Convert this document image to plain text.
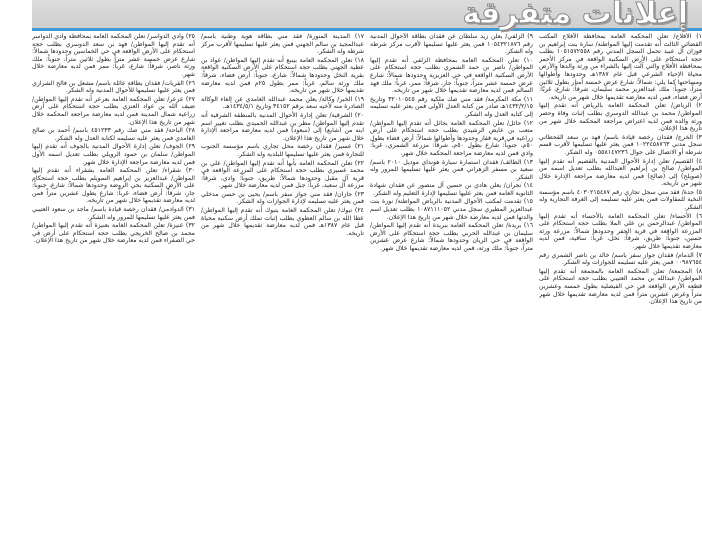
إعلانات متفرقة

١) الأفلاج/ تعلن المحكمة العامة بمحافظة الأفلاج المكتب القضائي الثالث أنه تقدمت إليها المواطنة/ سارة بنت إبراهيم بن فوزان آل عبيد تحمل السجل المدني رقم ١٠٥١٥٧٢٥٥٨ بطلب حجة استحكام على الأرض السكنية الواقعة في مركز الأحمر بمحافظة الأفلاج والتي آلت إليها بالشراء من ورثة والدها والأرض محياة الإحياء الشرعي قبل عام ١٣٨٧هـ وحدودها وأطوالها ومساحتها كما يلي: شمالاً: شارع عرض خمسة أمتار بطول ثلاثين متراً، جنوباً: ملك عبدالعزيز محمد سليمان، شرقاً: شارع، غربًا: أرض فضاء، فمن لديه معارضة تقديمها خلال شهر من تاريخه.

٢) الرياض/ تعلن المحكمة العامة بالرياض أنه تقدم إليها المواطن/ محمد بن عبدالله الدوسري بطلب إثبات وفاة وحصر ورثة والده فمن لديه اعتراض مراجعة المحكمة خلال شهر من تاريخ هذا الإعلان.

٣) الخرج/ فقدان رخصة قيادة باسم/ فهد بن سعد القحطاني سجل مدني ١٠٢٢٤٥٨٧٦٣ فمن يعثر عليها تسليمها لأقرب قسم شرطة أو الاتصال على جوال ٠٥٥٨١٤٧٢٣٦ وله الشكر.

٤) القصيم/ تعلن إدارة الأحوال المدنية بالقصيم أنه تقدم إليها المواطن/ صالح بن إبراهيم العبدالله بطلب تعديل اسمه من (صويلح) إلى (صالح) فمن لديه معارضة مراجعة الإدارة خلال شهر من تاريخه.

٥) جدة/ فقد مني سجل تجاري رقم ٤٠٣٠٢١٥٤٨٧ باسم مؤسسة النخبة للمقاولات فمن يعثر عليه تسليمه إلى الغرفة التجارية وله الشكر.

٦) الأحساء/ تعلن المحكمة العامة بالأحساء أنه تقدم إليها المواطن/ عبدالرحمن بن علي الملا بطلب حجة استحكام على المزرعة الواقعة في قرية الجفر وحدودها شمالاً: مزرعة ورثة حسين، جنوباً: طريق، شرقاً: نخل، غرباً: ساقية، فمن لديه معارضة تقديمها خلال شهر.

٧) الدمام/ فقدان جواز سفر باسم/ خالد بن ناصر الشمري رقم ٠٠٩٨٧٦٥٤ فمن يعثر عليه تسليمه للجوازات وله الشكر.

٨) المجمعة/ تعلن المحكمة العامة بالمجمعة أنه تقدم إليها المواطن/ عبدالله بن محمد العتيبي بطلب حجة استحكام على قطعة الأرض الواقعة في حي الفيصلية بطول خمسة وعشرين متراً وعرض عشرين متراً فمن لديه معارضة تقديمها خلال شهر من تاريخ هذا الإعلان.

٩) الزلفي/ يعلن زيد سلطان عن فقدان بطاقة الأحوال المدنية رقم ١٠٥٤٣٢١٨٧٦ فمن يعثر عليها تسليمها لأقرب مركز شرطة وله الشكر.

١٠) تعلن المحكمة العامة بمحافظة الزلفي أنه تقدم إليها المواطن/ ناصر بن حمد الشمري بطلب حجة استحكام على الأرض السكنية الواقعة في حي العزيزية وحدودها شمالاً: شارع عرض خمسة عشر متراً، جنوباً: جار، شرقاً: ممر، غرباً: ملك فهد السالم فمن لديه معارضة تقديمها خلال شهر من تاريخه.

١١) مكة المكرمة/ فقد مني صك ملكية رقم ٣٢٠١٠٥٤٥ وتاريخ ١٤٣٢/٢/١٥هـ صادر من كتابة العدل الأولى فمن يعثر عليه تسليمه إلى كتابة العدل وله الشكر.

١٢) حائل/ تعلن المحكمة العامة بحائل أنه تقدم إليها المواطن/ متعب بن عايض الرشيدي بطلب حجة استحكام على أرض زراعية في قرية قفار وحدودها وأطوالها شمالاً: أرض فضاء بطول ٥٠م، جنوباً: شارع بطول ٥٠م، شرقاً: مزرعة الشمري، غرباً: وادي فمن لديه معارضة مراجعة المحكمة خلال شهر.

١٣) الطائف/ فقدان استمارة سيارة هونداي موديل ٢٠١٠ باسم/ سعيد بن مسفر الزهراني فمن يعثر عليها تسليمها للمرور وله الشكر.

١٤) نجران/ يعلن هادي بن حسين آل منصور عن فقدان شهادة الثانوية العامة فمن يعثر عليها تسليمها لإدارة التعليم وله الشكر.

١٥) تقدمت لمكتب الأحوال المدنية بالرياض المواطنة/ نورة بنت عبدالعزيز المطيري سجل مدني ١٠٨٧١١١٠٥٢ بطلب تعديل اسم والدتها فمن لديه معارضة خلال شهر من تاريخ هذا الإعلان.

١٦) بريدة/ تعلن المحكمة العامة ببريدة أنه تقدم إليها المواطن/ سليمان بن عبدالله الحربي بطلب حجة استحكام على الأرض الواقعة في حي الريان وحدودها شمالاً: شارع عرض عشرين متراً، جنوباً: ملك ورثة، فمن لديه معارضة تقديمها خلال شهر.

١٧) المدينة المنورة/ فقد مني بطاقة هوية وطنية باسم/ عبدالمجيد بن سالم الجهني فمن يعثر عليها تسليمها لأقرب مركز شرطة وله الشكر.

١٨) تعلن المحكمة العامة بينبع أنه تقدم إليها المواطن/ عواد بن عطية الجهني بطلب حجة استحكام على الأرض السكنية الواقعة بقرية النخل وحدودها شمالاً: شارع، جنوباً: أرض فضاء، شرقاً: ملك ورثة سالم، غرباً: ممر بطول ٢٥م فمن لديه معارضة تقديمها خلال شهر من تاريخه.

١٩) الخبر/ وكالة/ يعلن محمد عبدالله الغامدي عن إلغاء الوكالة الصادرة منه لأخيه سعد برقم ٣٤١٥٢ وتاريخ ١٤٣٤/٥/١هـ.

٢٠) الشرقية/ تعلن إدارة الأحوال المدنية بالمنطقة الشرقية أنه تقدم إليها المواطن/ مطر بن عبدالله الحميدي بطلب تغيير اسم ابنه من (شايع) إلى (سعود) فمن لديه معارضة مراجعة الإدارة خلال شهر من تاريخ هذا الإعلان.

٢١) عسير/ فقدان رخصة محل تجاري باسم مؤسسة الجنوب للتجارة فمن يعثر عليها تسليمها للبلدية وله الشكر.

٢٢) تعلن المحكمة العامة بأبها أنه تقدم إليها المواطن/ علي بن محمد عسيري بطلب حجة استحكام على المزرعة الواقعة في قرية آل مقبل وحدودها شمالاً: طريق، جنوباً: وادي، شرقاً: مزرعة آل سعيد، غرباً: جبل فمن لديه معارضة خلال شهر.

٢٣) جازان/ فقد مني جواز سفر باسم/ يحيى بن حسن مدخلي فمن يعثر عليه تسليمه لإدارة الجوازات وله الشكر.

٢٤) تبوك/ تعلن المحكمة العامة بتبوك أنه تقدم إليها المواطن/ عطا الله بن سالم العطوي بطلب إثبات تملك أرض سكنية محياة قبل عام ١٣٨٧هـ فمن لديه معارضة تقديمها خلال شهر من تاريخه.

٢٥) وادي الدواسر/ تعلن المحكمة العامة بمحافظة وادي الدواسر أنه تقدم إليها المواطن/ فهد بن سعد الدوسري بطلب حجة استحكام على الأرض الواقعة في حي الخماسين وحدودها شمالاً: شارع عرض خمسة عشر متراً بطول ثلاثين متراً، جنوباً: ملك ورثة ناصر، شرقاً: شارع، غرباً: ممر فمن لديه معارضة خلال شهر.

٢٦) القريات/ فقدان بطاقة عائلة باسم/ مشعل بن فالح الشراري فمن يعثر عليها تسليمها للأحوال المدنية وله الشكر.

٢٧) عرعر/ تعلن المحكمة العامة بعرعر أنه تقدم إليها المواطن/ ضيف الله بن عواد العنزي بطلب حجة استحكام على أرض زراعية شمال المدينة فمن لديه معارضة مراجعة المحكمة خلال شهر من تاريخ هذا الإعلان.

٢٨) الباحة/ فقد مني صك رقم ٤٥١٢٣٣ باسم/ أحمد بن صالح الغامدي فمن يعثر عليه تسليمه لكتابة العدل وله الشكر.

٢٩) الجوف/ تعلن إدارة الأحوال المدنية بالجوف أنه تقدم إليها المواطن/ سلمان بن حمود الرويلي بطلب تعديل اسمه الأول فمن لديه معارضة مراجعة الإدارة خلال شهر.

٣٠) شقراء/ تعلن المحكمة العامة بشقراء أنه تقدم إليها المواطن/ عبدالعزيز بن إبراهيم السويلم بطلب حجة استحكام على الأرض السكنية بحي الروضة وحدودها شمالاً: شارع، جنوباً: جار، شرقاً: أرض فضاء، غرباً: شارع بطول عشرين متراً فمن لديه معارضة تقديمها خلال شهر من تاريخه.

٣١) الدوادمي/ فقدان رخصة قيادة باسم/ ماجد بن سعود العتيبي فمن يعثر عليها تسليمها للمرور وله الشكر.

٣٢) عنيزة/ تعلن المحكمة العامة بعنيزة أنه تقدم إليها المواطن/ محمد بن صالح الخريجي بطلب حجة استحكام على أرض في حي الصفراء فمن لديه معارضة خلال شهر من تاريخ هذا الإعلان.
